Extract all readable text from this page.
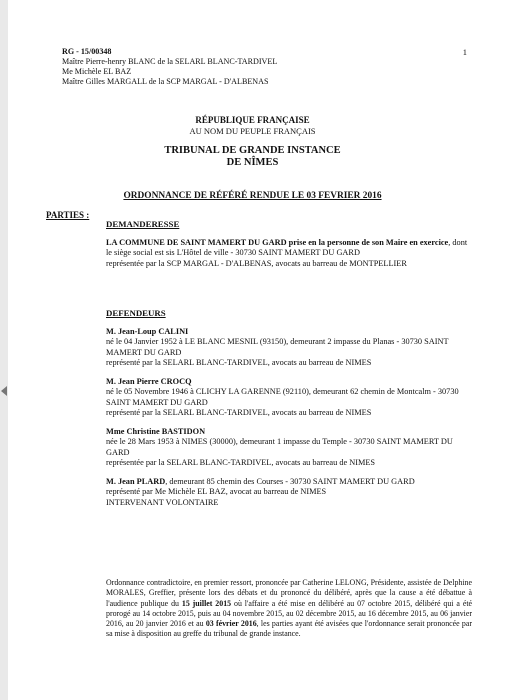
RG - 15/00348
Maître Pierre-henry BLANC de la SELARL BLANC-TARDIVEL
Me Michèle EL BAZ
Maître Gilles MARGALL de la SCP MARGAL - D'ALBENAS
1
RÉPUBLIQUE FRANÇAISE
AU NOM DU PEUPLE FRANÇAIS
TRIBUNAL DE GRANDE INSTANCE
DE NÎMES
ORDONNANCE DE RÉFÉRÉ RENDUE LE 03 FEVRIER 2016
PARTIES :
DEMANDERESSE
LA COMMUNE DE SAINT MAMERT DU GARD prise en la personne de son Maire en exercice, dont le siège social est sis L'Hôtel de ville - 30730 SAINT MAMERT DU GARD
représentée par la SCP MARGAL - D'ALBENAS, avocats au barreau de MONTPELLIER
DEFENDEURS
M. Jean-Loup CALINI
né le 04 Janvier 1952 à LE BLANC MESNIL (93150), demeurant 2 impasse du Planas - 30730 SAINT MAMERT DU GARD
représenté par la SELARL BLANC-TARDIVEL, avocats au barreau de NIMES
M. Jean Pierre CROCQ
né le 05 Novembre 1946 à CLICHY LA GARENNE (92110), demeurant 62 chemin de Montcalm - 30730 SAINT MAMERT DU GARD
représenté par la SELARL BLANC-TARDIVEL, avocats au barreau de NIMES
Mme Christine BASTIDON
née le 28 Mars 1953 à NIMES (30000), demeurant 1 impasse du Temple - 30730 SAINT MAMERT DU GARD
représentée par la SELARL BLANC-TARDIVEL, avocats au barreau de NIMES
M. Jean PLARD, demeurant 85 chemin des Courses - 30730 SAINT MAMERT DU GARD
représenté par Me Michèle EL BAZ, avocat au barreau de NIMES
INTERVENANT VOLONTAIRE
Ordonnance contradictoire, en premier ressort, prononcée par Catherine LELONG, Présidente, assistée de Delphine MORALES, Greffier, présente lors des débats et du prononcé du délibéré, après que la cause a été débattue à l'audience publique du 15 juillet 2015 où l'affaire a été mise en délibéré au 07 octobre 2015, délibéré qui a été prorogé au 14 octobre 2015, puis au 04 novembre 2015, au 02 décembre 2015, au 16 décembre 2015, au 06 janvier 2016, au 20 janvier 2016 et au 03 février 2016, les parties ayant été avisées que l'ordonnance serait prononcée par sa mise à disposition au greffe du tribunal de grande instance.
